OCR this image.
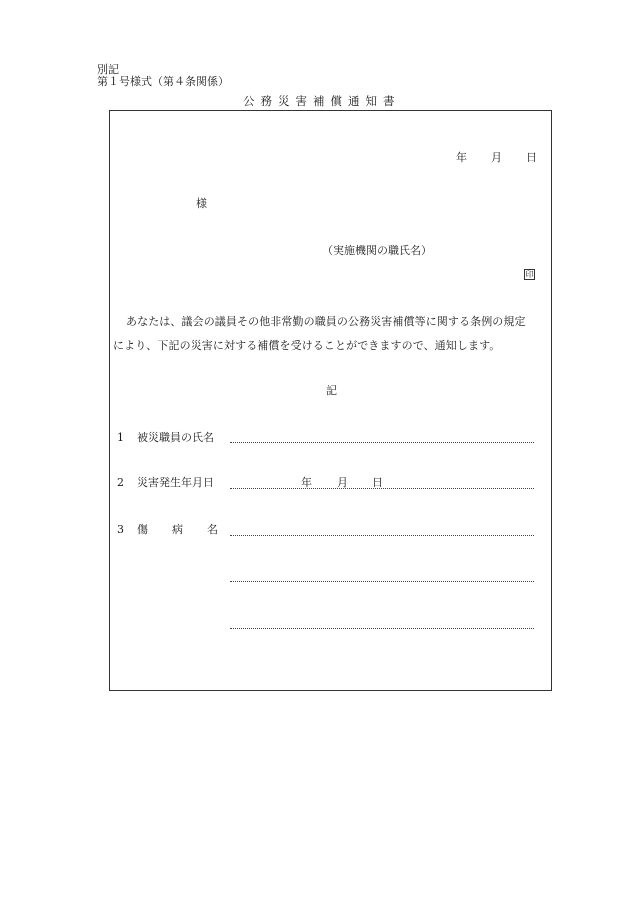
別記
第１号様式（第４条関係）
公務災害補償通知書
年 月 日
様
（実施機関の職氏名）
印
あなたは、議会の議員その他非常勤の職員の公務災害補償等に関する条例の規定
により、下記の災害に対する補償を受けることができますので、通知します。
記
1 被災職員の氏名
2 災害発生年月日	年 月 日
3 傷 病 名
